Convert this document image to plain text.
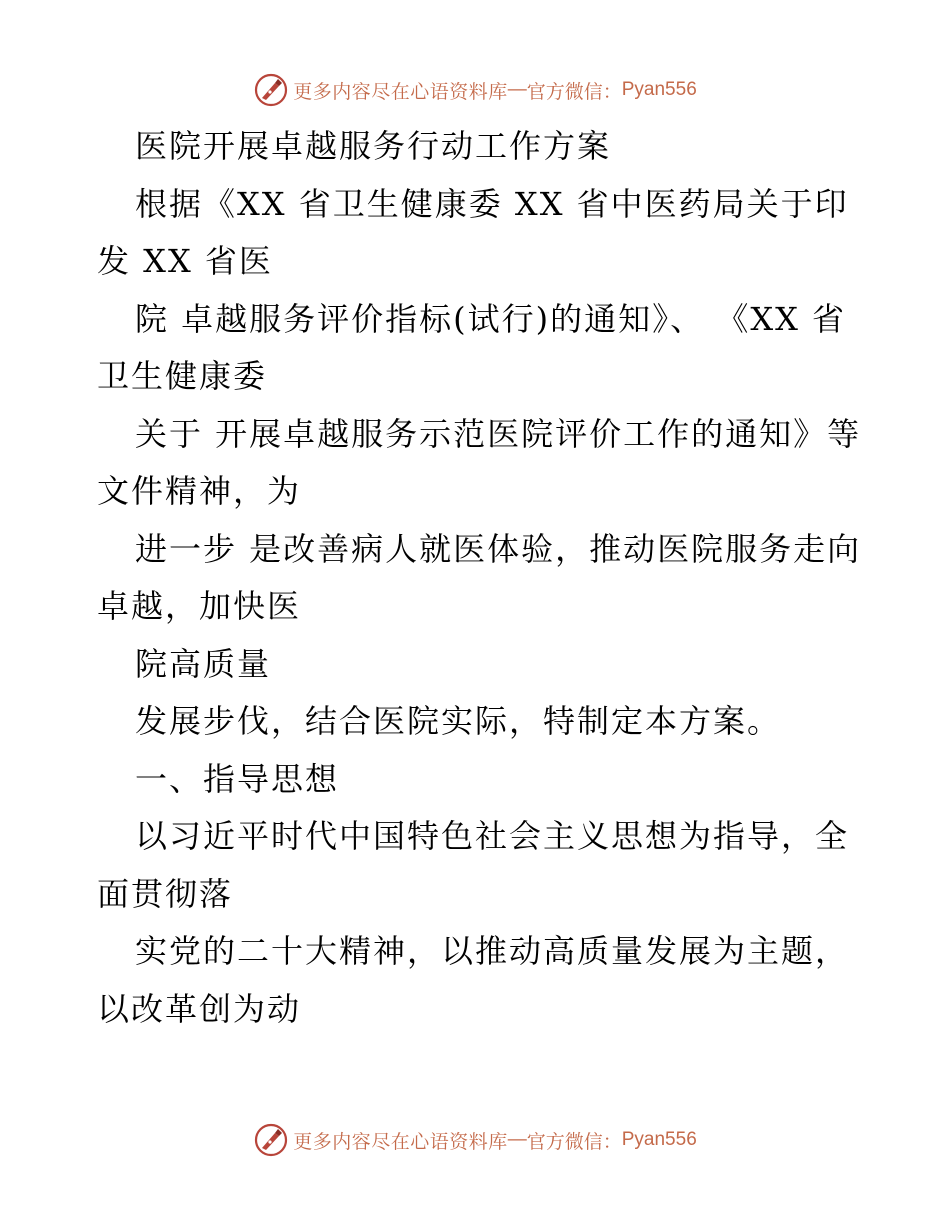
更多内容尽在心语资料库 — 官方微信： Pyan556

医院开展卓越服务行动工作方案

根据《XX 省卫生健康委 XX 省中医药局关于印发 XX 省医

院 卓越服务评价指标(试行)的通知》、 《XX 省卫生健康委

关于 开展卓越服务示范医院评价工作的通知》等文件精神，为

进一步 是改善病人就医体验，推动医院服务走向卓越，加快医

院高质量

发展步伐，结合医院实际，特制定本方案。

一、指导思想

以习近平时代中国特色社会主义思想为指导，全面贯彻落

实党的二十大精神，以推动高质量发展为主题，以改革创为动

更多内容尽在心语资料库 — 官方微信： Pyan556
